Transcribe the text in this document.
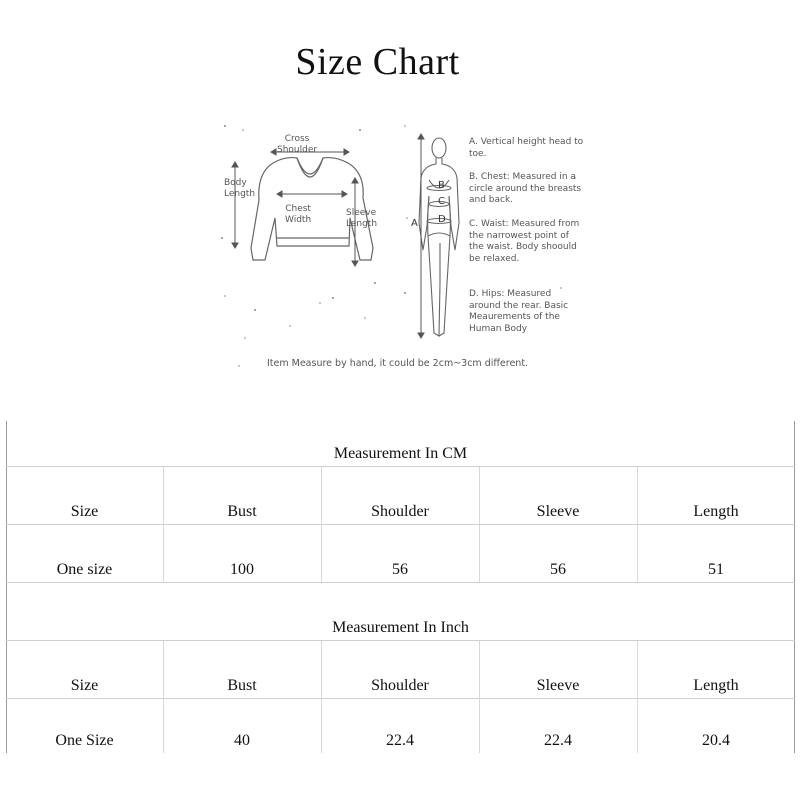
Size Chart
Cross
Shoulder
Body
Length
Chest
Width
Sleeve
Length
B
C
D
A
A. Vertical height head to toe.
B. Chest: Measured in a circle around the breasts and back.
C. Waist: Measured from the narrowest point of the waist. Body shoould be relaxed.
D. Hips: Measured around the rear. Basic Meaurements of the Human Body
Item Measure by hand, it could be 2cm~3cm different.
Measurement In CM
Size	Bust	Shoulder	Sleeve	Length
One size	100	56	56	51
Measurement In Inch
Size	Bust	Shoulder	Sleeve	Length
One Size	40	22.4	22.4	20.4
